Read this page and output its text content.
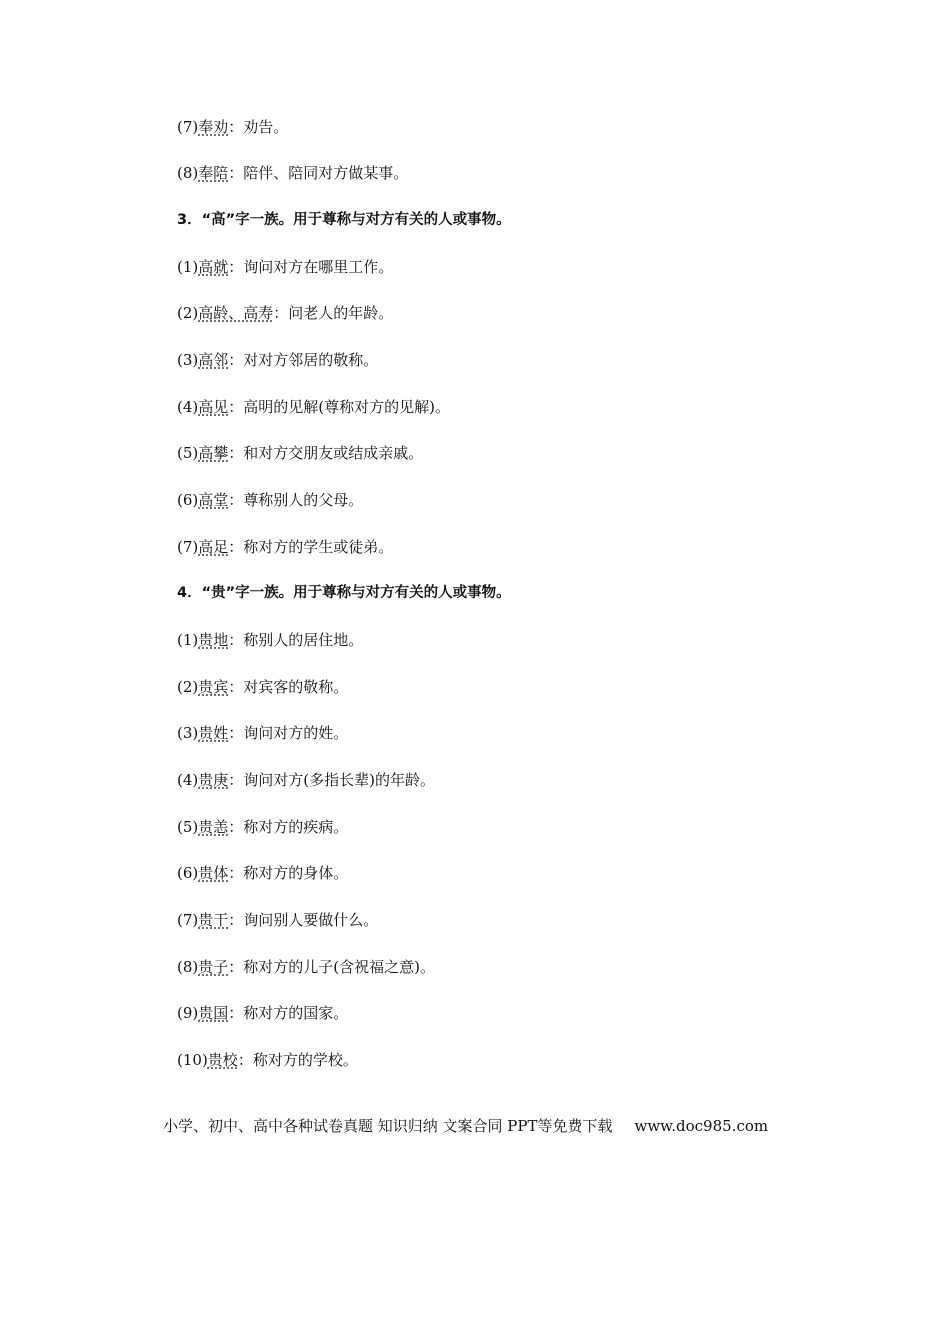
(7)奉劝：劝告。
(8)奉陪：陪伴、陪同对方做某事。
3．“高”字一族。用于尊称与对方有关的人或事物。
(1)高就：询问对方在哪里工作。
(2)高龄、高寿：问老人的年龄。
(3)高邻：对对方邻居的敬称。
(4)高见：高明的见解(尊称对方的见解)。
(5)高攀：和对方交朋友或结成亲戚。
(6)高堂：尊称别人的父母。
(7)高足：称对方的学生或徒弟。
4．“贵”字一族。用于尊称与对方有关的人或事物。
(1)贵地：称别人的居住地。
(2)贵宾：对宾客的敬称。
(3)贵姓：询问对方的姓。
(4)贵庚：询问对方(多指长辈)的年龄。
(5)贵恙：称对方的疾病。
(6)贵体：称对方的身体。
(7)贵干：询问别人要做什么。
(8)贵子：称对方的儿子(含祝福之意)。
(9)贵国：称对方的国家。
(10)贵校：称对方的学校。
小学、初中、高中各种试卷真题 知识归纳 文案合同 PPT等免费下载 www.doc985.com
